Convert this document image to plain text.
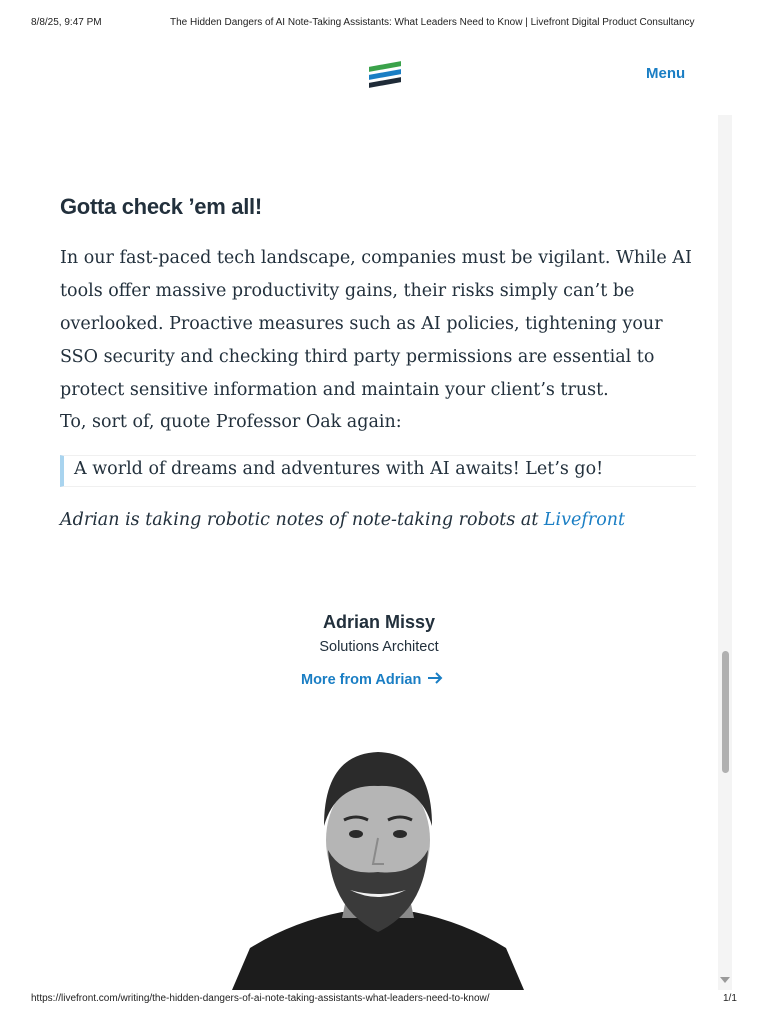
8/8/25, 9:47 PM	The Hidden Dangers of AI Note-Taking Assistants: What Leaders Need to Know | Livefront Digital Product Consultancy
Menu
Gotta check ’em all!

In our fast-paced tech landscape, companies must be vigilant. While AI tools offer massive productivity gains, their risks simply can’t be overlooked. Proactive measures such as AI policies, tightening your SSO security and checking third party permissions are essential to protect sensitive information and maintain your client’s trust.

To, sort of, quote Professor Oak again:

A world of dreams and adventures with AI awaits! Let’s go!
Adrian is taking robotic notes of note-taking robots at Livefront
Adrian Missy
Solutions Architect
More from Adrian
https://livefront.com/writing/the-hidden-dangers-of-ai-note-taking-assistants-what-leaders-need-to-know/	1/1
